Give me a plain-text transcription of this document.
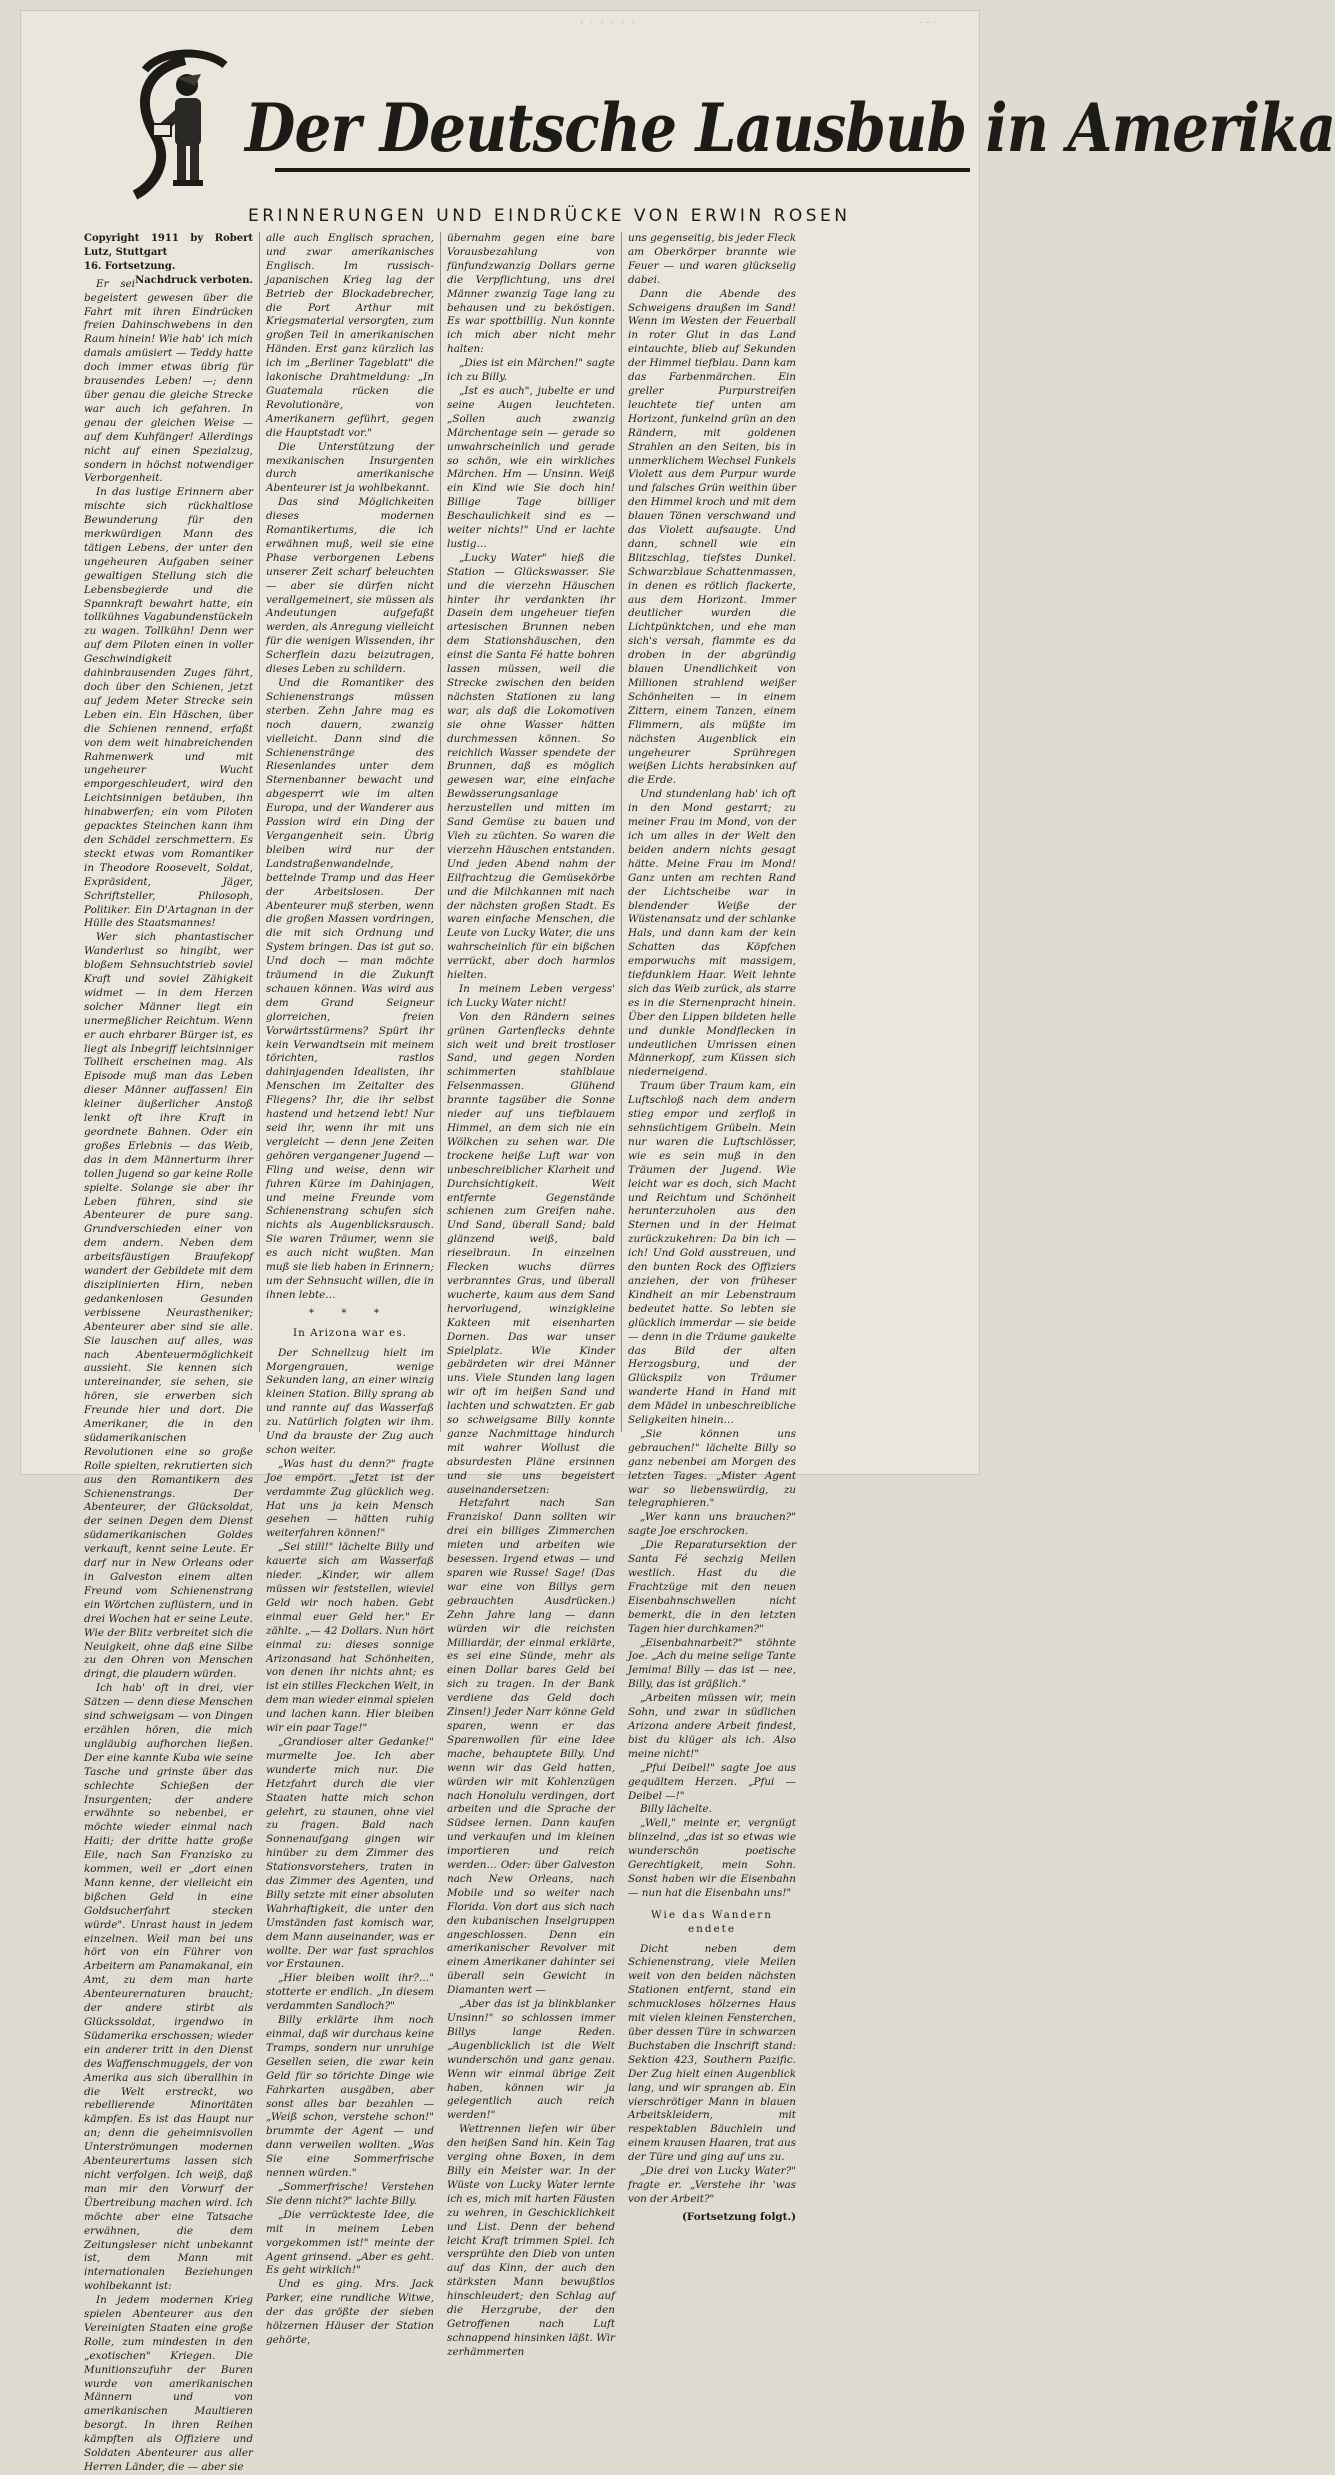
· · · · · ·	· · ·
Der Deutsche Lausbub in Amerika
ERINNERUNGEN UND EINDRÜCKE VON ERWIN ROSEN
Copyright 1911 by Robert Lutz, Stuttgart
16. Fortsetzung.
Nachdruck verboten.

Er sei begeistert gewesen über die Fahrt mit ihren Eindrücken freien Dahinschwebens in den Raum hinein! Wie hab' ich mich damals amüsiert — Teddy hatte doch immer etwas übrig für brausendes Leben! —; denn über genau die gleiche Strecke war auch ich gefahren. In genau der gleichen Weise — auf dem Kuhfänger! Allerdings nicht auf einen Spezialzug, sondern in höchst notwendiger Verborgenheit.

In das lustige Erinnern aber mischte sich rückhaltlose Bewunderung für den merkwürdigen Mann des tätigen Lebens, der unter den ungeheuren Aufgaben seiner gewaltigen Stellung sich die Lebensbegierde und die Spannkraft bewahrt hatte, ein tollkühnes Vagabundenstückeln zu wagen. Tollkühn! Denn wer auf dem Piloten einen in voller Geschwindigkeit dahinbrausenden Zuges fährt, doch über den Schienen, jetzt auf jedem Meter Strecke sein Leben ein. Ein Häschen, über die Schienen rennend, erfaßt von dem weit hinabreichenden Rahmenwerk und mit ungeheurer Wucht emporgeschleudert, wird den Leichtsinnigen betäuben, ihn hinabwerfen; ein vom Piloten gepacktes Steinchen kann ihm den Schädel zerschmettern. Es steckt etwas vom Romantiker in Theodore Roosevelt, Soldat, Expräsident, Jäger, Schriftsteller, Philosoph, Politiker. Ein D'Artagnan in der Hülle des Staatsmannes!

Wer sich phantastischer Wanderlust so hingibt, wer bloßem Sehnsuchtstrieb soviel Kraft und soviel Zähigkeit widmet — in dem Herzen solcher Männer liegt ein unermeßlicher Reichtum. Wenn er auch ehrbarer Bürger ist, es liegt als Inbegriff leichtsinniger Tollheit erscheinen mag. Als Episode muß man das Leben dieser Männer auffassen! Ein kleiner äußerlicher Anstoß lenkt oft ihre Kraft in geordnete Bahnen. Oder ein großes Erlebnis — das Weib, das in dem Männerturm ihrer tollen Jugend so gar keine Rolle spielte. Solange sie aber ihr Leben führen, sind sie Abenteurer de pure sang. Grundverschieden einer von dem andern. Neben dem arbeitsfäustigen Braufekopf wandert der Gebildete mit dem disziplinierten Hirn, neben gedankenlosen Gesunden verbissene Neurastheniker; Abenteurer aber sind sie alle. Sie lauschen auf alles, was nach Abenteuermöglichkeit aussieht. Sie kennen sich untereinander, sie sehen, sie hören, sie erwerben sich Freunde hier und dort. Die Amerikaner, die in den südamerikanischen Revolutionen eine so große Rolle spielten, rekrutierten sich aus den Romantikern des Schienenstrangs. Der Abenteurer, der Glücksoldat, der seinen Degen dem Dienst südamerikanischen Goldes verkauft, kennt seine Leute. Er darf nur in New Orleans oder in Galveston einem alten Freund vom Schienenstrang ein Wörtchen zuflüstern, und in drei Wochen hat er seine Leute. Wie der Blitz verbreitet sich die Neuigkeit, ohne daß eine Silbe zu den Ohren von Menschen dringt, die plaudern würden.

Ich hab' oft in drei, vier Sätzen — denn diese Menschen sind schweigsam — von Dingen erzählen hören, die mich ungläubig aufhorchen ließen. Der eine kannte Kuba wie seine Tasche und grinste über das schlechte Schießen der Insurgenten; der andere erwähnte so nebenbei, er möchte wieder einmal nach Haiti; der dritte hatte große Eile, nach San Franzisko zu kommen, weil er „dort einen Mann kenne, der vielleicht ein bißchen Geld in eine Goldsucherfahrt stecken würde". Unrast haust in jedem einzelnen. Weil man bei uns hört von ein Führer von Arbeitern am Panamakanal, ein Amt, zu dem man harte Abenteurernaturen braucht; der andere stirbt als Glückssoldat, irgendwo in Südamerika erschossen; wieder ein anderer tritt in den Dienst des Waffenschmuggels, der von Amerika aus sich überallhin in die Welt erstreckt, wo rebellierende Minoritäten kämpfen. Es ist das Haupt nur an; denn die geheimnisvollen Unterströmungen modernen Abenteurertums lassen sich nicht verfolgen. Ich weiß, daß man mir den Vorwurf der Übertreibung machen wird. Ich möchte aber eine Tatsache erwähnen, die dem Zeitungsleser nicht unbekannt ist, dem Mann mit internationalen Beziehungen wohlbekannt ist:

In jedem modernen Krieg spielen Abenteurer aus den Vereinigten Staaten eine große Rolle, zum mindesten in den „exotischen" Kriegen. Die Munitionszufuhr der Buren wurde von amerikanischen Männern und von amerikanischen Maultieren besorgt. In ihren Reihen kämpften als Offiziere und Soldaten Abenteurer aus aller Herren Länder, die — aber sie

alle auch Englisch sprachen, und zwar amerikanisches Englisch. Im russisch-japanischen Krieg lag der Betrieb der Blockadebrecher, die Port Arthur mit Kriegsmaterial versorgten, zum großen Teil in amerikanischen Händen. Erst ganz kürzlich las ich im „Berliner Tageblatt" die lakonische Drahtmeldung: „In Guatemala rücken die Revolutionäre, von Amerikanern geführt, gegen die Hauptstadt vor."

Die Unterstützung der mexikanischen Insurgenten durch amerikanische Abenteurer ist ja wohlbekannt.

Das sind Möglichkeiten dieses modernen Romantikertums, die ich erwähnen muß, weil sie eine Phase verborgenen Lebens unserer Zeit scharf beleuchten — aber sie dürfen nicht verallgemeinert, sie müssen als Andeutungen aufgefaßt werden, als Anregung vielleicht für die wenigen Wissenden, ihr Scherflein dazu beizutragen, dieses Leben zu schildern.

Und die Romantiker des Schienenstrangs müssen sterben. Zehn Jahre mag es noch dauern, zwanzig vielleicht. Dann sind die Schienenstränge des Riesenlandes unter dem Sternenbanner bewacht und abgesperrt wie im alten Europa, und der Wanderer aus Passion wird ein Ding der Vergangenheit sein. Übrig bleiben wird nur der Landstraßenwandelnde, bettelnde Tramp und das Heer der Arbeitslosen. Der Abenteurer muß sterben, wenn die großen Massen vordringen, die mit sich Ordnung und System bringen. Das ist gut so. Und doch — man möchte träumend in die Zukunft schauen können. Was wird aus dem Grand Seigneur glorreichen, freien Vorwärtsstürmens? Spürt ihr kein Verwandtsein mit meinem törichten, rastlos dahinjagenden Idealisten, ihr Menschen im Zeitalter des Fliegens? Ihr, die ihr selbst hastend und hetzend lebt! Nur seid ihr, wenn ihr mit uns vergleicht — denn jene Zeiten gehören vergangener Jugend — Fling und weise, denn wir fuhren Kürze im Dahinjagen, und meine Freunde vom Schienenstrang schufen sich nichts als Augenblicksrausch. Sie waren Träumer, wenn sie es auch nicht wußten. Man muß sie lieb haben in Erinnern; um der Sehnsucht willen, die in ihnen lebte…

* * *
In Arizona war es.

Der Schnellzug hielt im Morgengrauen, wenige Sekunden lang, an einer winzig kleinen Station. Billy sprang ab und rannte auf das Wasserfaß zu. Natürlich folgten wir ihm. Und da brauste der Zug auch schon weiter.

„Was hast du denn?" fragte Joe empört. „Jetzt ist der verdammte Zug glücklich weg. Hat uns ja kein Mensch gesehen — hätten ruhig weiterfahren können!"

„Sei still!" lächelte Billy und kauerte sich am Wasserfaß nieder. „Kinder, wir allem müssen wir feststellen, wieviel Geld wir noch haben. Gebt einmal euer Geld her." Er zählte. „— 42 Dollars. Nun hört einmal zu: dieses sonnige Arizonasand hat Schönheiten, von denen ihr nichts ahnt; es ist ein stilles Fleckchen Welt, in dem man wieder einmal spielen und lachen kann. Hier bleiben wir ein paar Tage!"

„Grandioser alter Gedanke!" murmelte Joe. Ich aber wunderte mich nur. Die Hetzfahrt durch die vier Staaten hatte mich schon gelehrt, zu staunen, ohne viel zu fragen. Bald nach Sonnenaufgang gingen wir hinüber zu dem Zimmer des Stationsvorstehers, traten in das Zimmer des Agenten, und Billy setzte mit einer absoluten Wahrhaftigkeit, die unter den Umständen fast komisch war, dem Mann auseinander, was er wollte. Der war fast sprachlos vor Erstaunen.

„Hier bleiben wollt ihr?…" stotterte er endlich. „In diesem verdammten Sandloch?"

Billy erklärte ihm noch einmal, daß wir durchaus keine Tramps, sondern nur unruhige Gesellen seien, die zwar kein Geld für so törichte Dinge wie Fahrkarten ausgäben, aber sonst alles bar bezahlen — „Weiß schon, verstehe schon!" brummte der Agent — und dann verweilen wollten. „Was Sie eine Sommerfrische nennen würden."

„Sommerfrische! Verstehen Sie denn nicht?" lachte Billy.

„Die verrückteste Idee, die mit in meinem Leben vorgekommen ist!" meinte der Agent grinsend. „Aber es geht. Es geht wirklich!"

Und es ging. Mrs. Jack Parker, eine rundliche Witwe, der das größte der sieben hölzernen Häuser der Station gehörte,

übernahm gegen eine bare Vorausbezahlung von fünfundzwanzig Dollars gerne die Verpflichtung, uns drei Männer zwanzig Tage lang zu behausen und zu beköstigen. Es war spottbillig. Nun konnte ich mich aber nicht mehr halten:

„Dies ist ein Märchen!" sagte ich zu Billy.

„Ist es auch", jubelte er und seine Augen leuchteten. „Sollen auch zwanzig Märchentage sein — gerade so unwahrscheinlich und gerade so schön, wie ein wirkliches Märchen. Hm — Unsinn. Weiß ein Kind wie Sie doch hin! Billige Tage billiger Beschaulichkeit sind es — weiter nichts!" Und er lachte lustig…

„Lucky Water" hieß die Station — Glückswasser. Sie und die vierzehn Häuschen hinter ihr verdankten ihr Dasein dem ungeheuer tiefen artesischen Brunnen neben dem Stationshäuschen, den einst die Santa Fé hatte bohren lassen müssen, weil die Strecke zwischen den beiden nächsten Stationen zu lang war, als daß die Lokomotiven sie ohne Wasser hätten durchmessen können. So reichlich Wasser spendete der Brunnen, daß es möglich gewesen war, eine einfache Bewässerungsanlage herzustellen und mitten im Sand Gemüse zu bauen und Vieh zu züchten. So waren die vierzehn Häuschen entstanden. Und jeden Abend nahm der Eilfrachtzug die Gemüsekörbe und die Milchkannen mit nach der nächsten großen Stadt. Es waren einfache Menschen, die Leute von Lucky Water, die uns wahrscheinlich für ein bißchen verrückt, aber doch harmlos hielten.

In meinem Leben vergess' ich Lucky Water nicht!

Von den Rändern seines grünen Gartenflecks dehnte sich weit und breit trostloser Sand, und gegen Norden schimmerten stahlblaue Felsenmassen. Glühend brannte tagsüber die Sonne nieder auf uns tiefblauem Himmel, an dem sich nie ein Wölkchen zu sehen war. Die trockene heiße Luft war von unbeschreiblicher Klarheit und Durchsichtigkeit. Weit entfernte Gegenstände schienen zum Greifen nahe. Und Sand, überall Sand; bald glänzend weiß, bald rieselbraun. In einzelnen Flecken wuchs dürres verbranntes Gras, und überall wucherte, kaum aus dem Sand hervorlugend, winzigkleine Kakteen mit eisenharten Dornen. Das war unser Spielplatz. Wie Kinder gebärdeten wir drei Männer uns. Viele Stunden lang lagen wir oft im heißen Sand und lachten und schwatzten. Er gab so schweigsame Billy konnte ganze Nachmittage hindurch mit wahrer Wollust die absurdesten Pläne ersinnen und sie uns begeistert auseinandersetzen:

Hetzfahrt nach San Franzisko! Dann sollten wir drei ein billiges Zimmerchen mieten und arbeiten wie besessen. Irgend etwas — und sparen wie Russe! Sage! (Das war eine von Billys gern gebrauchten Ausdrücken.) Zehn Jahre lang — dann würden wir die reichsten Milliardär, der einmal erklärte, es sei eine Sünde, mehr als einen Dollar bares Geld bei sich zu tragen. In der Bank verdiene das Geld doch Zinsen!) Jeder Narr könne Geld sparen, wenn er das Sparenwollen für eine Idee mache, behauptete Billy. Und wenn wir das Geld hatten, würden wir mit Kohlenzügen nach Honolulu verdingen, dort arbeiten und die Sprache der Südsee lernen. Dann kaufen und verkaufen und im kleinen importieren und reich werden… Oder: über Galveston nach New Orleans, nach Mobile und so weiter nach Florida. Von dort aus sich nach den kubanischen Inselgruppen angeschlossen. Denn ein amerikanischer Revolver mit einem Amerikaner dahinter sei überall sein Gewicht in Diamanten wert —

„Aber das ist ja blinkblanker Unsinn!" so schlossen immer Billys lange Reden. „Augenblicklich ist die Welt wunderschön und ganz genau. Wenn wir einmal übrige Zeit haben, können wir ja gelegentlich auch reich werden!"

Wettrennen liefen wir über den heißen Sand hin. Kein Tag verging ohne Boxen, in dem Billy ein Meister war. In der Wüste von Lucky Water lernte ich es, mich mit harten Fäusten zu wehren, in Geschicklichkeit und List. Denn der behend leicht Kraft trimmen Spiel. Ich versprühte den Dieb von unten auf das Kinn, der auch den stärksten Mann bewußtlos hinschleudert; den Schlag auf die Herzgrube, der den Getroffenen nach Luft schnappend hinsinken läßt. Wir zerhämmerten

uns gegenseitig, bis jeder Fleck am Oberkörper brannte wie Feuer — und waren glückselig dabei.

Dann die Abende des Schweigens draußen im Sand! Wenn im Westen der Feuerball in roter Glut in das Land eintauchte, blieb auf Sekunden der Himmel tiefblau. Dann kam das Farbenmärchen. Ein greller Purpurstreifen leuchtete tief unten am Horizont, funkelnd grün an den Rändern, mit goldenen Strahlen an den Seiten, bis in unmerklichem Wechsel Funkels Violett aus dem Purpur wurde und falsches Grün weithin über den Himmel kroch und mit dem blauen Tönen verschwand und das Violett aufsaugte. Und dann, schnell wie ein Blitzschlag, tiefstes Dunkel. Schwarzblaue Schattenmassen, in denen es rötlich flackerte, aus dem Horizont. Immer deutlicher wurden die Lichtpünktchen, und ehe man sich's versah, flammte es da droben in der abgründig blauen Unendlichkeit von Millionen strahlend weißer Schönheiten — in einem Zittern, einem Tanzen, einem Flimmern, als müßte im nächsten Augenblick ein ungeheurer Sprühregen weißen Lichts herabsinken auf die Erde.

Und stundenlang hab' ich oft in den Mond gestarrt; zu meiner Frau im Mond, von der ich um alles in der Welt den beiden andern nichts gesagt hätte. Meine Frau im Mond! Ganz unten am rechten Rand der Lichtscheibe war in blendender Weiße der Wüstenansatz und der schlanke Hals, und dann kam der kein Schatten das Köpfchen emporwuchs mit massigem, tiefdunklem Haar. Weit lehnte sich das Weib zurück, als starre es in die Sternenpracht hinein. Über den Lippen bildeten helle und dunkle Mondflecken in undeutlichen Umrissen einen Männerkopf, zum Küssen sich niederneigend.

Traum über Traum kam, ein Luftschloß nach dem andern stieg empor und zerfloß in sehnsüchtigem Grübeln. Mein nur waren die Luftschlösser, wie es sein muß in den Träumen der Jugend. Wie leicht war es doch, sich Macht und Reichtum und Schönheit herunterzuholen aus den Sternen und in der Heimat zurückzukehren: Da bin ich — ich! Und Gold ausstreuen, und den bunten Rock des Offiziers anziehen, der von früheser Kindheit an mir Lebenstraum bedeutet hatte. So lebten sie glücklich immerdar — sie beide — denn in die Träume gaukelte das Bild der alten Herzogsburg, und der Glückspilz von Träumer wanderte Hand in Hand mit dem Mädel in unbeschreibliche Seligkeiten hinein…

„Sie können uns gebrauchen!" lächelte Billy so ganz nebenbei am Morgen des letzten Tages. „Mister Agent war so liebenswürdig, zu telegraphieren."

„Wer kann uns brauchen?" sagte Joe erschrocken.

„Die Reparatursektion der Santa Fé sechzig Meilen westlich. Hast du die Frachtzüge mit den neuen Eisenbahnschwellen nicht bemerkt, die in den letzten Tagen hier durchkamen?"

„Eisenbahnarbeit?" stöhnte Joe. „Ach du meine selige Tante Jemima! Billy — das ist — nee, Billy, das ist gräßlich."

„Arbeiten müssen wir, mein Sohn, und zwar in südlichen Arizona andere Arbeit findest, bist du klüger als ich. Also meine nicht!"

„Pfui Deibel!" sagte Joe aus gequältem Herzen. „Pfui — Deibel —!"

Billy lächelte.

„Well," meinte er, vergnügt blinzelnd, „das ist so etwas wie wunderschön poetische Gerechtigkeit, mein Sohn. Sonst haben wir die Eisenbahn — nun hat die Eisenbahn uns!"

Wie das Wandern endete

Dicht neben dem Schienenstrang, viele Meilen weit von den beiden nächsten Stationen entfernt, stand ein schmuckloses hölzernes Haus mit vielen kleinen Fensterchen, über dessen Türe in schwarzen Buchstaben die Inschrift stand: Sektion 423, Southern Pazific. Der Zug hielt einen Augenblick lang, und wir sprangen ab. Ein vierschrötiger Mann in blauen Arbeitskleidern, mit respektablen Bäuchlein und einem krausen Haaren, trat aus der Türe und ging auf uns zu.

„Die drei von Lucky Water?" fragte er. „Verstehe ihr 'was von der Arbeit?"

(Fortsetzung folgt.)
